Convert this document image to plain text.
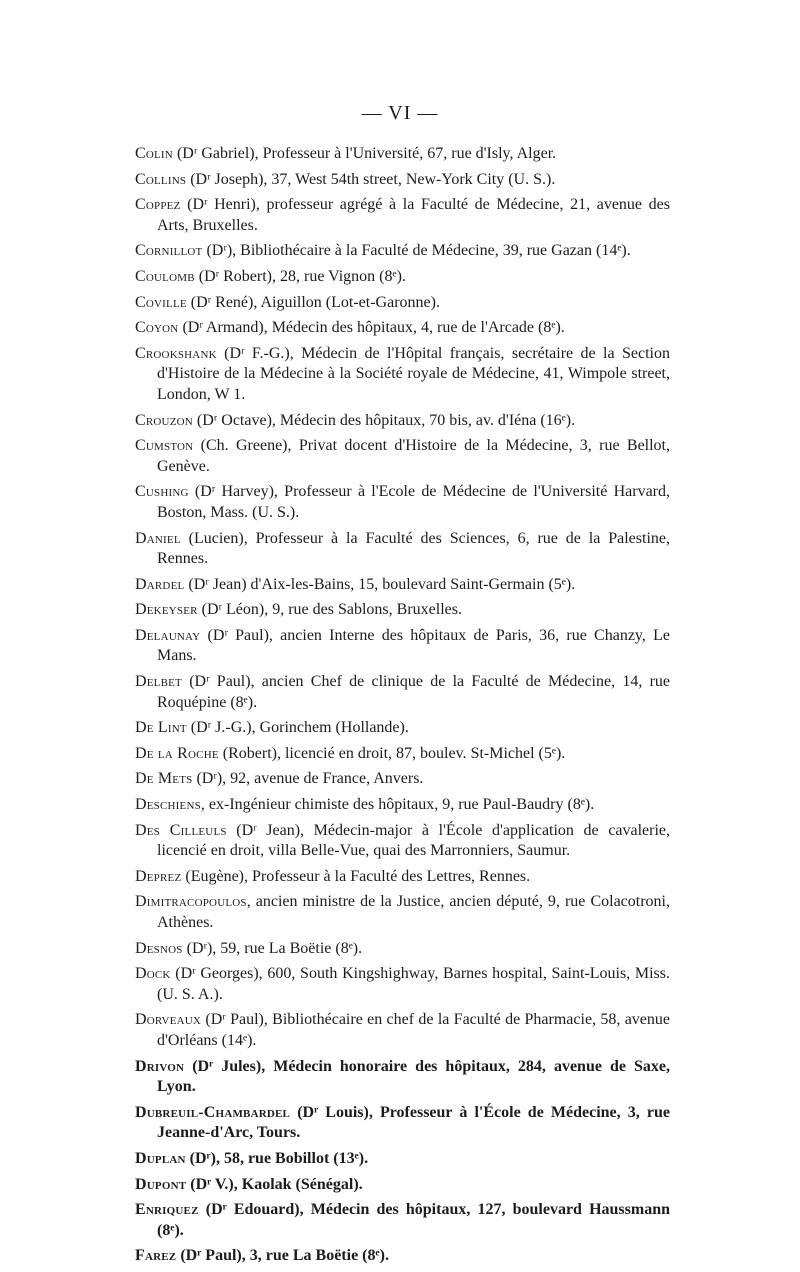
— VI —

Colin (Dʳ Gabriel), Professeur à l'Université, 67, rue d'Isly, Alger.

Collins (Dʳ Joseph), 37, West 54th street, New-York City (U. S.).

Coppez (Dʳ Henri), professeur agrégé à la Faculté de Médecine, 21, avenue des Arts, Bruxelles.

Cornillot (Dʳ), Bibliothécaire à la Faculté de Médecine, 39, rue Gazan (14ᵉ).

Coulomb (Dʳ Robert), 28, rue Vignon (8ᵉ).

Coville (Dʳ René), Aiguillon (Lot-et-Garonne).

Coyon (Dʳ Armand), Médecin des hôpitaux, 4, rue de l'Arcade (8ᵉ).

Crookshank (Dʳ F.-G.), Médecin de l'Hôpital français, secrétaire de la Section d'Histoire de la Médecine à la Société royale de Médecine, 41, Wimpole street, London, W 1.

Crouzon (Dʳ Octave), Médecin des hôpitaux, 70 bis, av. d'Iéna (16ᵉ).

Cumston (Ch. Greene), Privat docent d'Histoire de la Médecine, 3, rue Bellot, Genève.

Cushing (Dʳ Harvey), Professeur à l'Ecole de Médecine de l'Université Harvard, Boston, Mass. (U. S.).

Daniel (Lucien), Professeur à la Faculté des Sciences, 6, rue de la Palestine, Rennes.

Dardel (Dʳ Jean) d'Aix-les-Bains, 15, boulevard Saint-Germain (5ᵉ).

Dekeyser (Dʳ Léon), 9, rue des Sablons, Bruxelles.

Delaunay (Dʳ Paul), ancien Interne des hôpitaux de Paris, 36, rue Chanzy, Le Mans.

Delbet (Dʳ Paul), ancien Chef de clinique de la Faculté de Médecine, 14, rue Roquépine (8ᵉ).

De Lint (Dʳ J.-G.), Gorinchem (Hollande).

De la Roche (Robert), licencié en droit, 87, boulev. St-Michel (5ᵉ).

De Mets (Dʳ), 92, avenue de France, Anvers.

Deschiens, ex-Ingénieur chimiste des hôpitaux, 9, rue Paul-Baudry (8ᵉ).

Des Cilleuls (Dʳ Jean), Médecin-major à l'École d'application de cavalerie, licencié en droit, villa Belle-Vue, quai des Marronniers, Saumur.

Deprez (Eugène), Professeur à la Faculté des Lettres, Rennes.

Dimitracopoulos, ancien ministre de la Justice, ancien député, 9, rue Colacotroni, Athènes.

Desnos (Dʳ), 59, rue La Boëtie (8ᵉ).

Dock (Dʳ Georges), 600, South Kingshighway, Barnes hospital, Saint-Louis, Miss. (U. S. A.).

Dorveaux (Dʳ Paul), Bibliothécaire en chef de la Faculté de Pharmacie, 58, avenue d'Orléans (14ᵉ).

Drivon (Dʳ Jules), Médecin honoraire des hôpitaux, 284, avenue de Saxe, Lyon.

Dubreuil-Chambardel (Dʳ Louis), Professeur à l'École de Médecine, 3, rue Jeanne-d'Arc, Tours.

Duplan (Dʳ), 58, rue Bobillot (13ᵉ).

Dupont (Dʳ V.), Kaolak (Sénégal).

Enriquez (Dʳ Edouard), Médecin des hôpitaux, 127, boulevard Haussmann (8ᵉ).

Farez (Dʳ Paul), 3, rue La Boëtie (8ᵉ).
